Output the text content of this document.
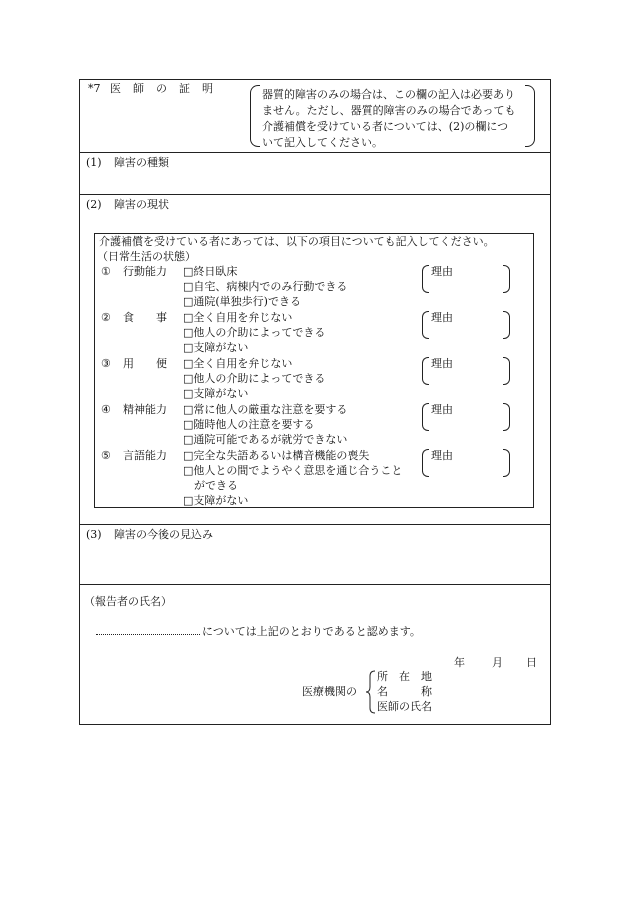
*7 医　師　の　証　明	器質的障害のみの場合は、この欄の記入は必要あり
ません。ただし、器質的障害のみの場合であっても
介護補償を受けている者については、(2)の欄につ
いて記入してください。
(1) 障害の種類
(2) 障害の現状
介護補償を受けている者にあっては、以下の項目についても記入してください。
（日常生活の状態）
① 行動能力 □終日臥床
□自宅、病棟内でのみ行動できる
□通院(単独歩行)できる
理由
② 食　　事 □全く自用を弁じない
□他人の介助によってできる
□支障がない
理由
③ 用　　便 □全く自用を弁じない
□他人の介助によってできる
□支障がない
理由
④ 精神能力 □常に他人の厳重な注意を要する
□随時他人の注意を要する
□通院可能であるが就労できない
理由
⑤ 言語能力 □完全な失語あるいは構音機能の喪失
□他人との間でようやく意思を通じ合うこと
　ができる
□支障がない
理由
(3) 障害の今後の見込み
（報告者の氏名）
については上記のとおりであると認めます。
年 月 日
医療機関の
所　在　地
名　　　称
医師の氏名
